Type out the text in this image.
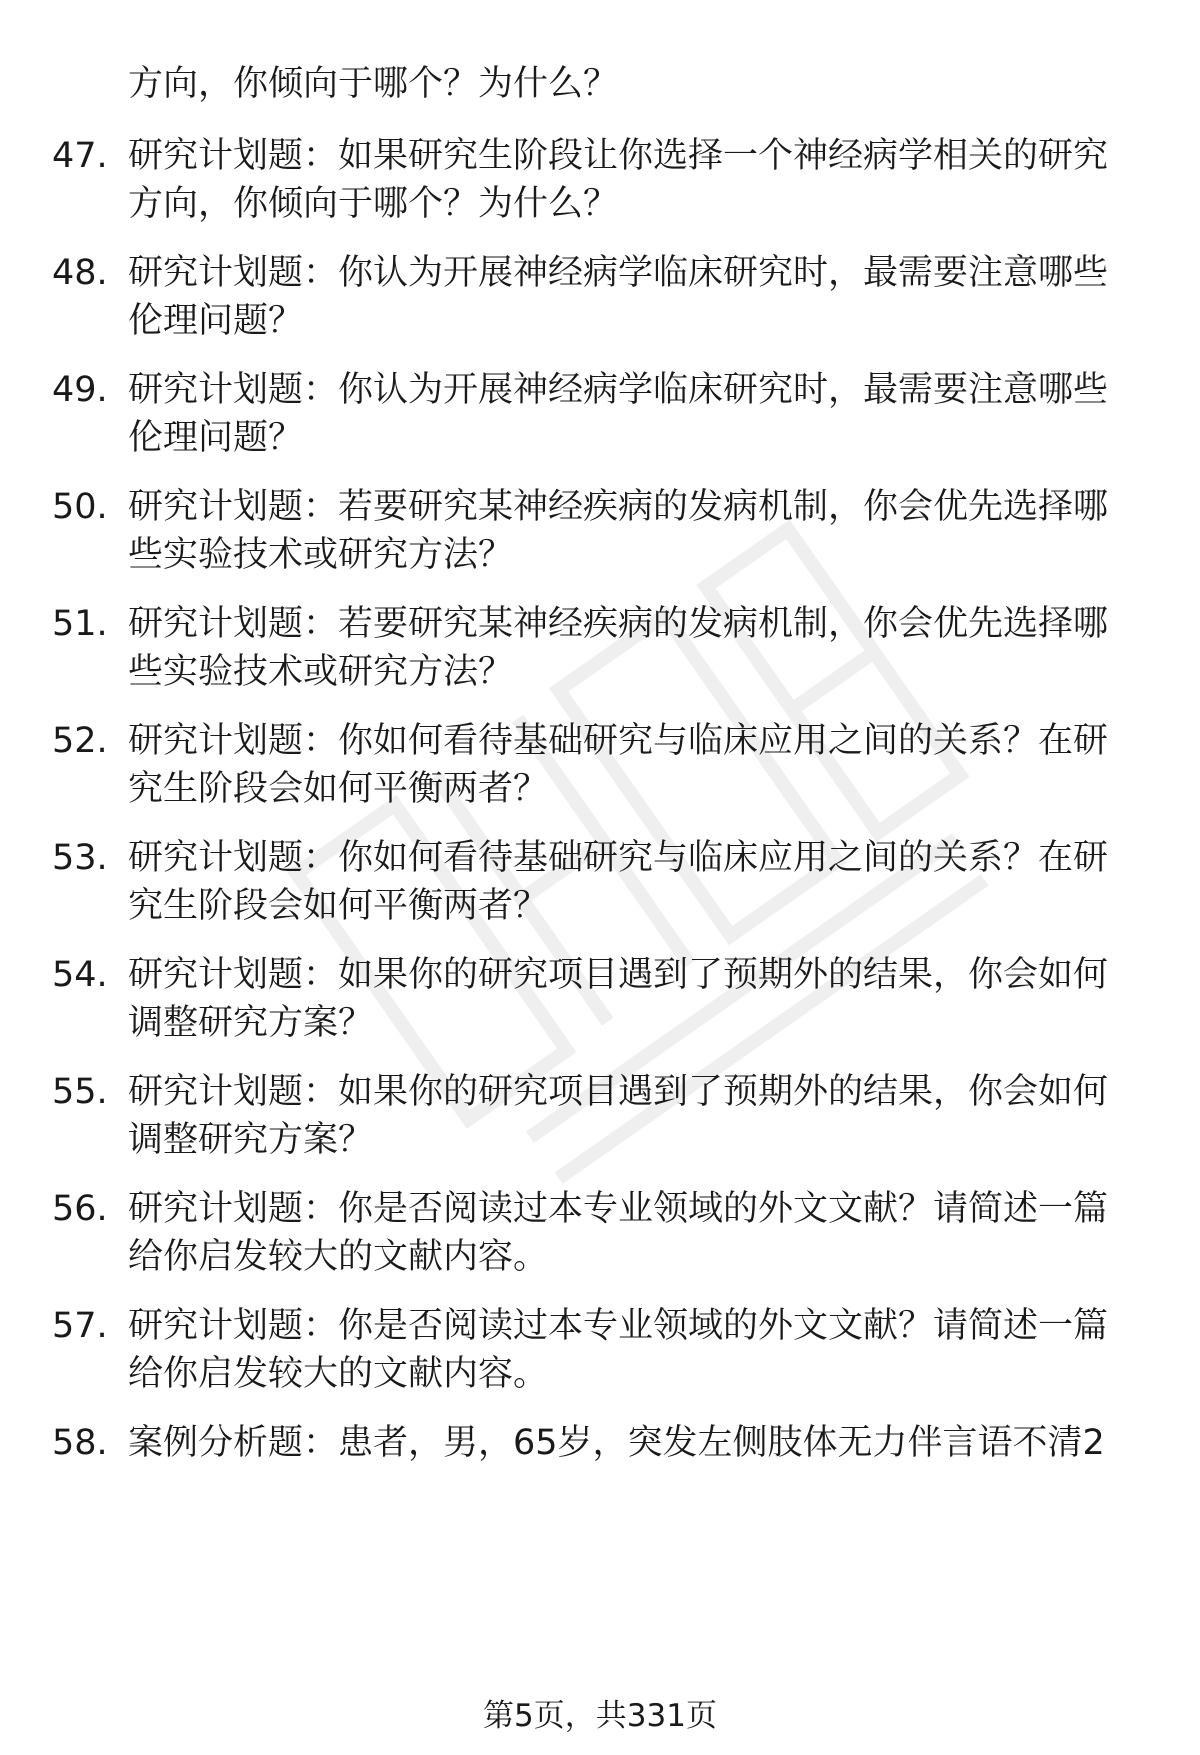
方向，你倾向于哪个？为什么？
47. 研究计划题：如果研究生阶段让你选择一个神经病学相关的研究方向，你倾向于哪个？为什么？
48. 研究计划题：你认为开展神经病学临床研究时，最需要注意哪些伦理问题？
49. 研究计划题：你认为开展神经病学临床研究时，最需要注意哪些伦理问题？
50. 研究计划题：若要研究某神经疾病的发病机制，你会优先选择哪些实验技术或研究方法？
51. 研究计划题：若要研究某神经疾病的发病机制，你会优先选择哪些实验技术或研究方法？
52. 研究计划题：你如何看待基础研究与临床应用之间的关系？在研究生阶段会如何平衡两者？
53. 研究计划题：你如何看待基础研究与临床应用之间的关系？在研究生阶段会如何平衡两者？
54. 研究计划题：如果你的研究项目遇到了预期外的结果，你会如何调整研究方案？
55. 研究计划题：如果你的研究项目遇到了预期外的结果，你会如何调整研究方案？
56. 研究计划题：你是否阅读过本专业领域的外文文献？请简述一篇给你启发较大的文献内容。
57. 研究计划题：你是否阅读过本专业领域的外文文献？请简述一篇给你启发较大的文献内容。
58. 案例分析题：患者，男，65岁，突发左侧肢体无力伴言语不清2
第5页，共331页
